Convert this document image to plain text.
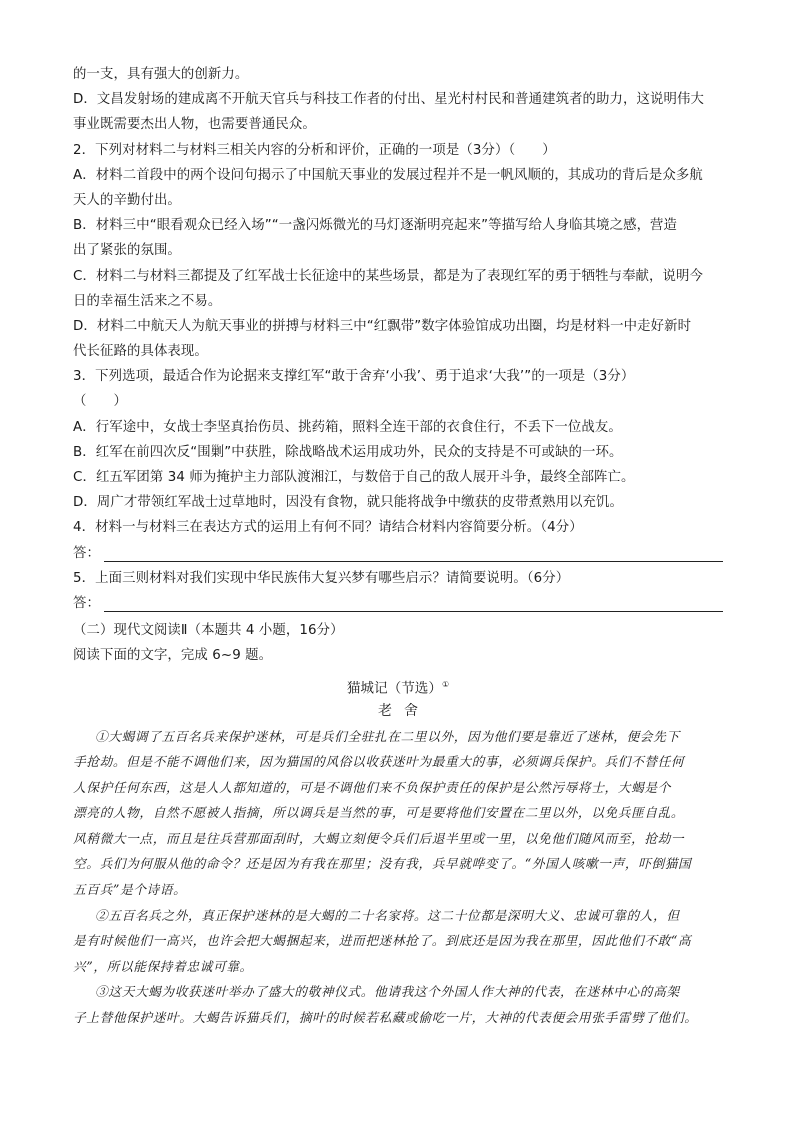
的一支，具有强大的创新力。
D．文昌发射场的建成离不开航天官兵与科技工作者的付出、星光村村民和普通建筑者的助力，这说明伟大
事业既需要杰出人物，也需要普通民众。
2．下列对材料二与材料三相关内容的分析和评价，正确的一项是（3分）（　　）
A．材料二首段中的两个设问句揭示了中国航天事业的发展过程并不是一帆风顺的，其成功的背后是众多航
天人的辛勤付出。
B．材料三中“眼看观众已经入场”“一盏闪烁微光的马灯逐渐明亮起来”等描写给人身临其境之感，营造
出了紧张的氛围。
C．材料二与材料三都提及了红军战士长征途中的某些场景，都是为了表现红军的勇于牺牲与奉献，说明今
日的幸福生活来之不易。
D．材料二中航天人为航天事业的拼搏与材料三中“红飘带”数字体验馆成功出圈，均是材料一中走好新时
代长征路的具体表现。
3．下列选项，最适合作为论据来支撑红军“敢于舍弃‘小我’、勇于追求‘大我’”的一项是（3分）
（　　）
A．行军途中，女战士李坚真抬伤员、挑药箱，照料全连干部的衣食住行，不丢下一位战友。
B．红军在前四次反“围剿”中获胜，除战略战术运用成功外，民众的支持是不可或缺的一环。
C．红五军团第 34 师为掩护主力部队渡湘江，与数倍于自己的敌人展开斗争，最终全部阵亡。
D．周广才带领红军战士过草地时，因没有食物，就只能将战争中缴获的皮带煮熟用以充饥。
4．材料一与材料三在表达方式的运用上有何不同？请结合材料内容简要分析。（4分）
答：
5．上面三则材料对我们实现中华民族伟大复兴梦有哪些启示？请简要说明。（6分）
答：
（二）现代文阅读Ⅱ（本题共 4 小题，16分）
阅读下面的文字，完成 6~9 题。
猫城记（节选）①
老舍
①大蝎调了五百名兵来保护迷林，可是兵们全驻扎在二里以外，因为他们要是靠近了迷林，便会先下
手抢劫。但是不能不调他们来，因为猫国的风俗以收获迷叶为最重大的事，必须调兵保护。兵们不替任何
人保护任何东西，这是人人都知道的，可是不调他们来不负保护责任的保护是公然污辱将士，大蝎是个
漂亮的人物，自然不愿被人指摘，所以调兵是当然的事，可是要将他们安置在二里以外，以免兵匪自乱。
风稍微大一点，而且是往兵营那面刮时，大蝎立刻便令兵们后退半里或一里，以免他们随风而至，抢劫一
空。兵们为何服从他的命令？还是因为有我在那里；没有我，兵早就哗变了。“外国人咳嗽一声，吓倒猫国
五百兵”是个诗语。
②五百名兵之外，真正保护迷林的是大蝎的二十名家将。这二十位都是深明大义、忠诚可靠的人，但
是有时候他们一高兴，也许会把大蝎捆起来，进而把迷林抢了。到底还是因为我在那里，因此他们不敢“高
兴”，所以能保持着忠诚可靠。
③这天大蝎为收获迷叶举办了盛大的敬神仪式。他请我这个外国人作大神的代表，在迷林中心的高架
子上替他保护迷叶。大蝎告诉猫兵们，摘叶的时候若私藏或偷吃一片，大神的代表便会用张手雷劈了他们。
